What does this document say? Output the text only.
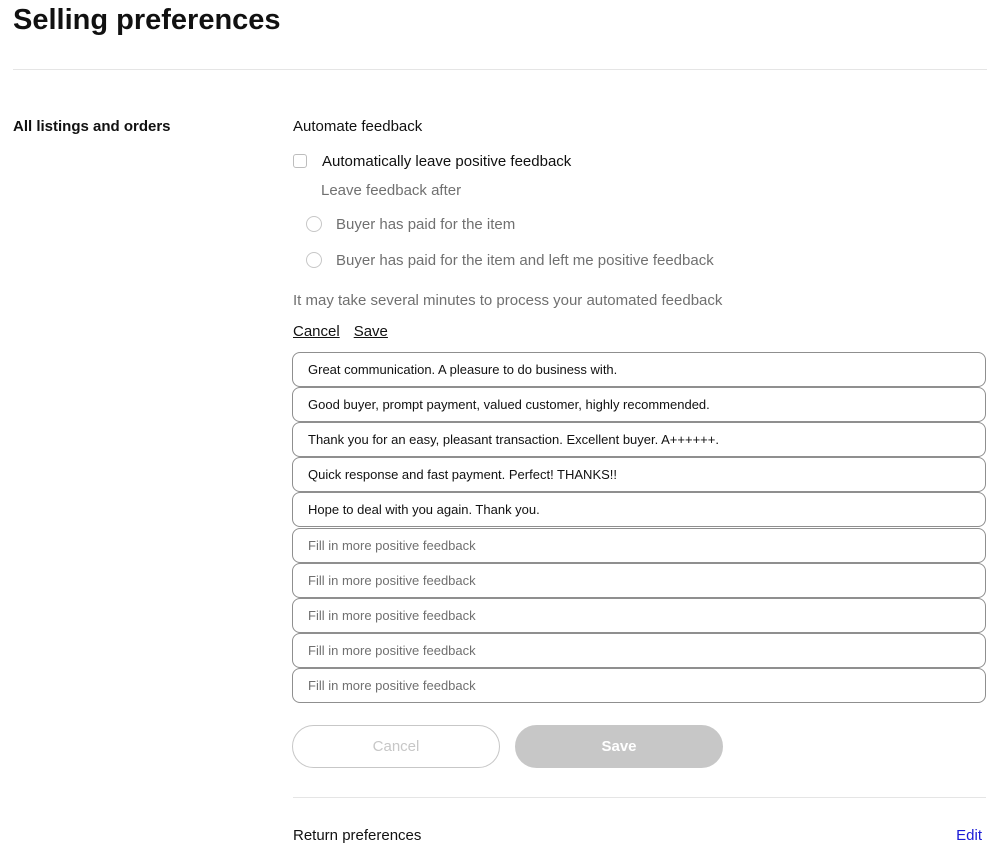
Selling preferences
All listings and orders	Automate feedback
Automatically leave positive feedback
Leave feedback after
Buyer has paid for the item
Buyer has paid for the item and left me positive feedback
It may take several minutes to process your automated feedback
Cancel Save
Great communication. A pleasure to do business with.
Good buyer, prompt payment, valued customer, highly recommended.
Thank you for an easy, pleasant transaction. Excellent buyer. A++++++.
Quick response and fast payment. Perfect! THANKS!!
Hope to deal with you again. Thank you.
Fill in more positive feedback
Fill in more positive feedback
Fill in more positive feedback
Fill in more positive feedback
Fill in more positive feedback
Cancel	Save
Return preferences	Edit
